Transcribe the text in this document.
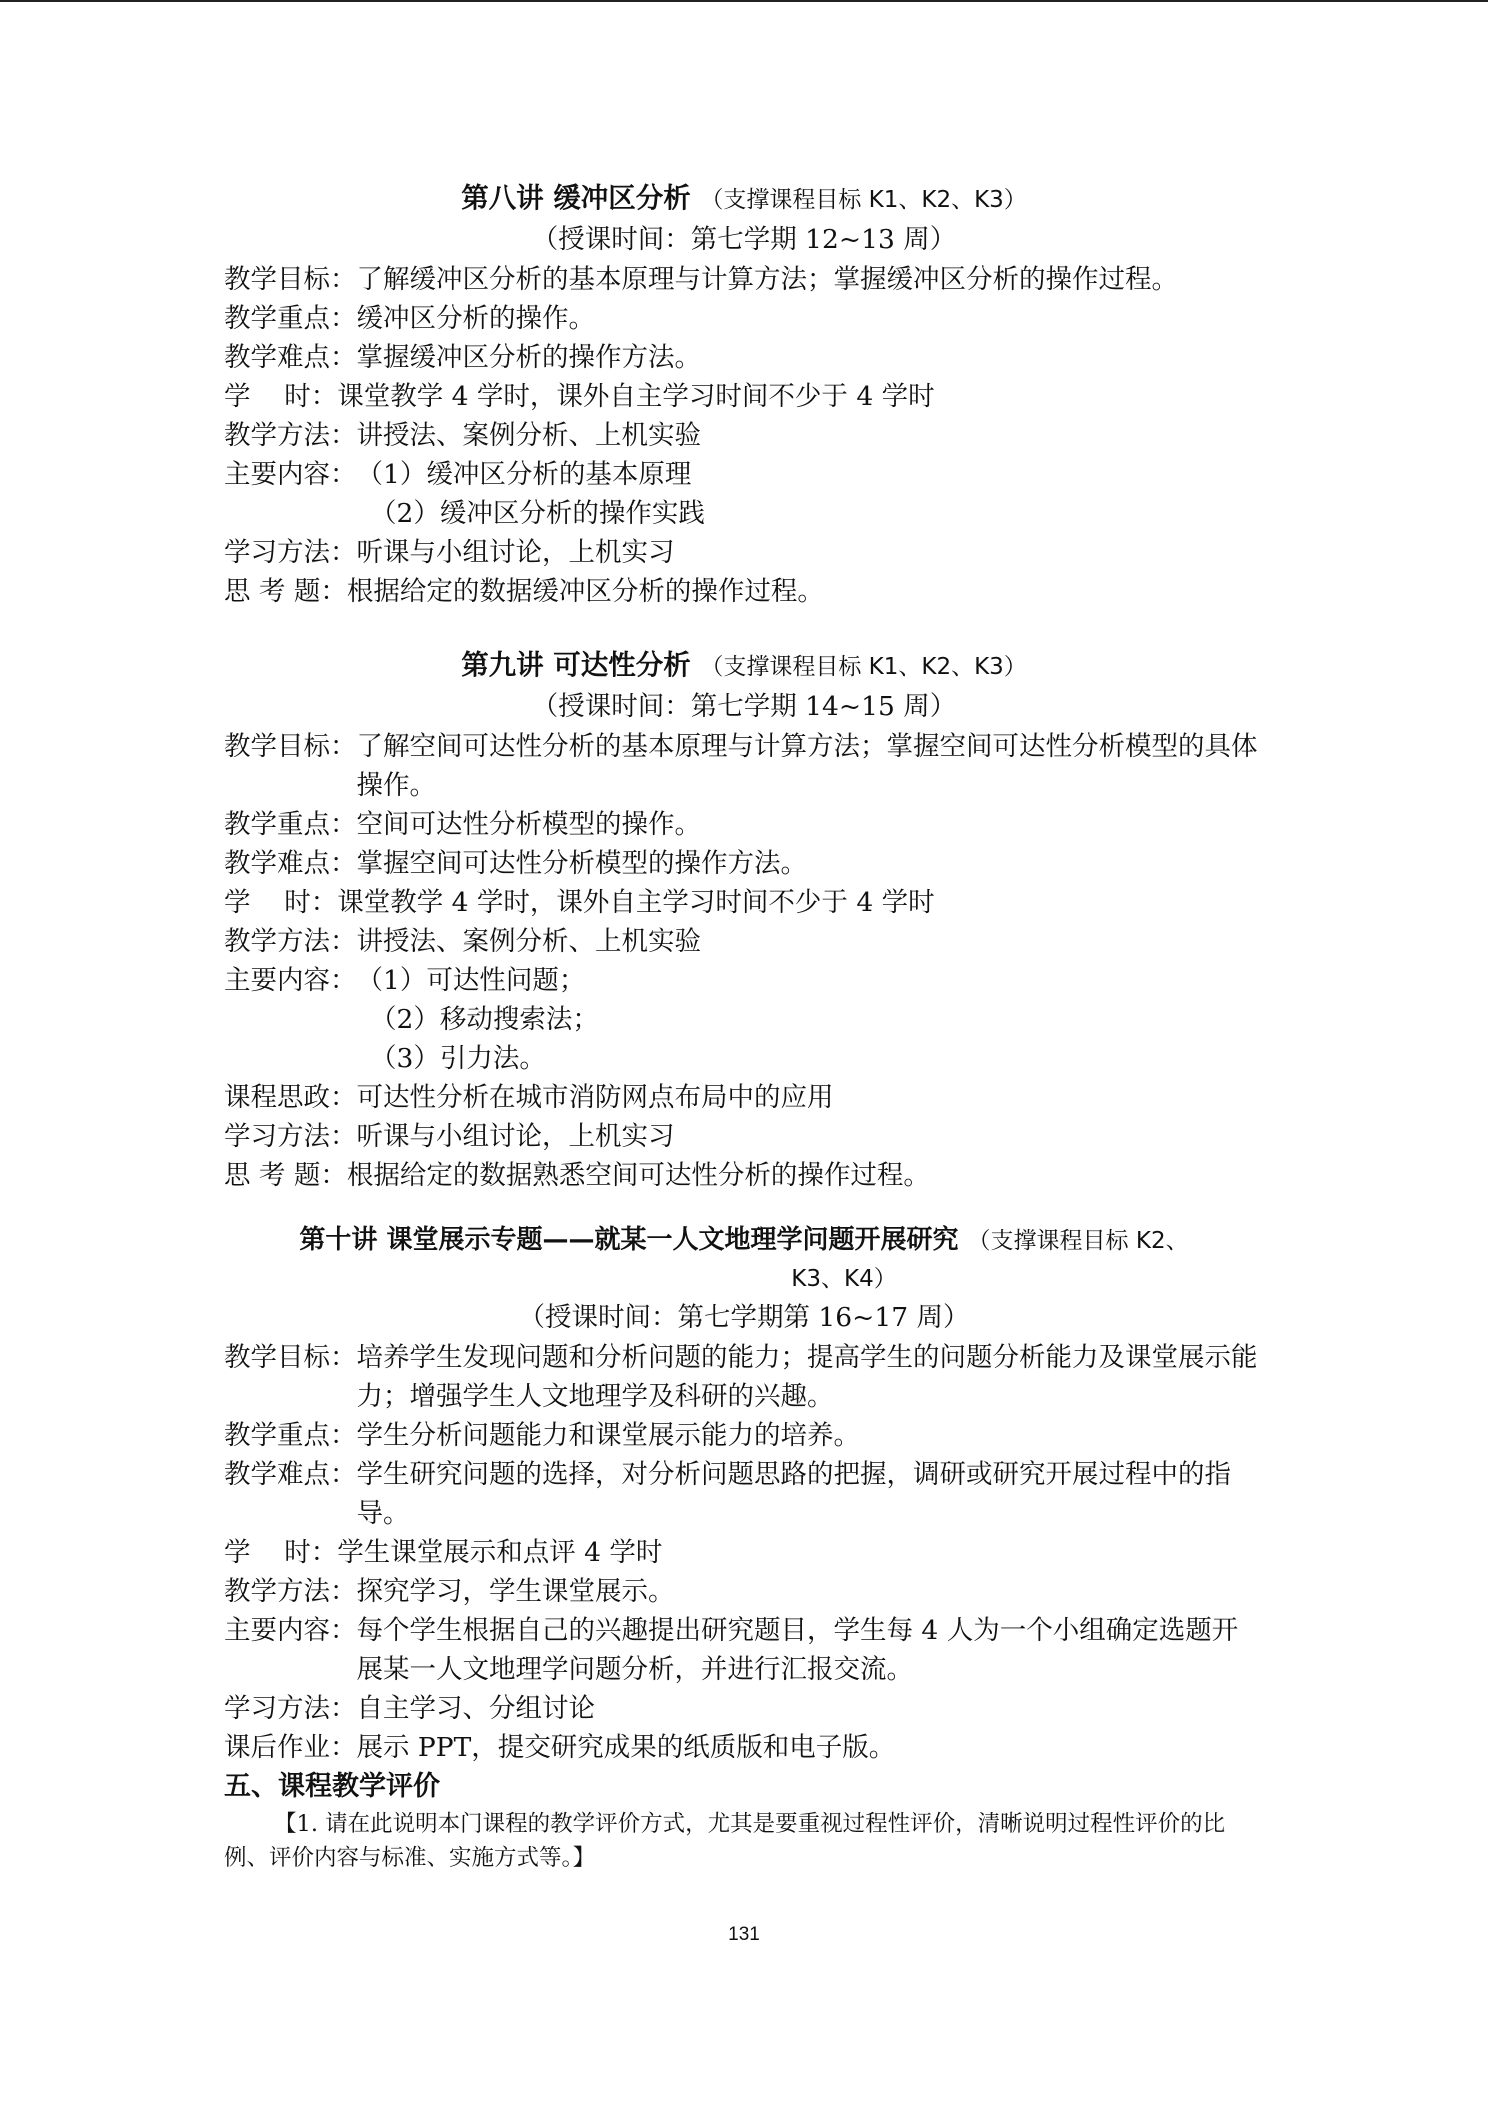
第八讲 缓冲区分析 （支撑课程目标 K1、K2、K3）
（授课时间：第七学期 12~13 周）
教学目标： 了解缓冲区分析的基本原理与计算方法；掌握缓冲区分析的操作过程。
教学重点： 缓冲区分析的操作。
教学难点： 掌握缓冲区分析的操作方法。
学    时： 课堂教学 4 学时，课外自主学习时间不少于 4 学时
教学方法： 讲授法、案例分析、上机实验
主要内容： （1）缓冲区分析的基本原理
（2）缓冲区分析的操作实践
学习方法： 听课与小组讨论，上机实习
思 考 题： 根据给定的数据缓冲区分析的操作过程。
第九讲 可达性分析 （支撑课程目标 K1、K2、K3）
（授课时间：第七学期 14~15 周）
教学目标： 了解空间可达性分析的基本原理与计算方法；掌握空间可达性分析模型的具体操作。
教学重点： 空间可达性分析模型的操作。
教学难点： 掌握空间可达性分析模型的操作方法。
学    时： 课堂教学 4 学时，课外自主学习时间不少于 4 学时
教学方法： 讲授法、案例分析、上机实验
主要内容： （1）可达性问题；
（2）移动搜索法；
（3）引力法。
课程思政： 可达性分析在城市消防网点布局中的应用
学习方法： 听课与小组讨论，上机实习
思 考 题： 根据给定的数据熟悉空间可达性分析的操作过程。
第十讲 课堂展示专题——就某一人文地理学问题开展研究 （支撑课程目标 K2、
K3、K4）
（授课时间：第七学期第 16~17 周）
教学目标： 培养学生发现问题和分析问题的能力；提高学生的问题分析能力及课堂展示能力；增强学生人文地理学及科研的兴趣。
教学重点： 学生分析问题能力和课堂展示能力的培养。
教学难点： 学生研究问题的选择，对分析问题思路的把握，调研或研究开展过程中的指导。
学    时： 学生课堂展示和点评 4 学时
教学方法： 探究学习，学生课堂展示。
主要内容： 每个学生根据自己的兴趣提出研究题目，学生每 4 人为一个小组确定选题开展某一人文地理学问题分析，并进行汇报交流。
学习方法： 自主学习、分组讨论
课后作业： 展示 PPT，提交研究成果的纸质版和电子版。
五、课程教学评价
【1. 请在此说明本门课程的教学评价方式，尤其是要重视过程性评价，清晰说明过程性评价的比例、评价内容与标准、实施方式等。】
131
